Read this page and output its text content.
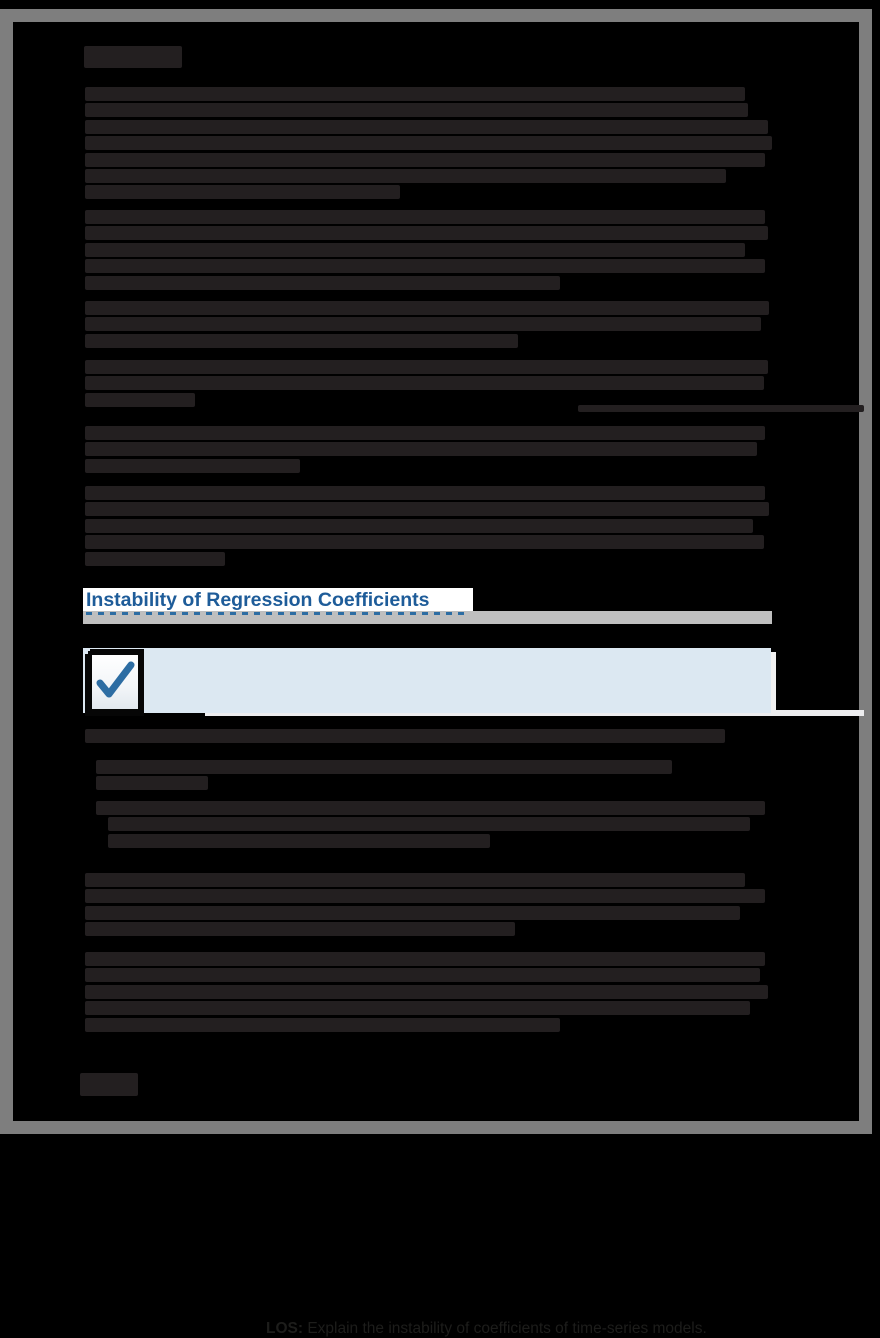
Instability of Regression Coefficients
LOS: Explain the instability of coefficients of time-series models.
